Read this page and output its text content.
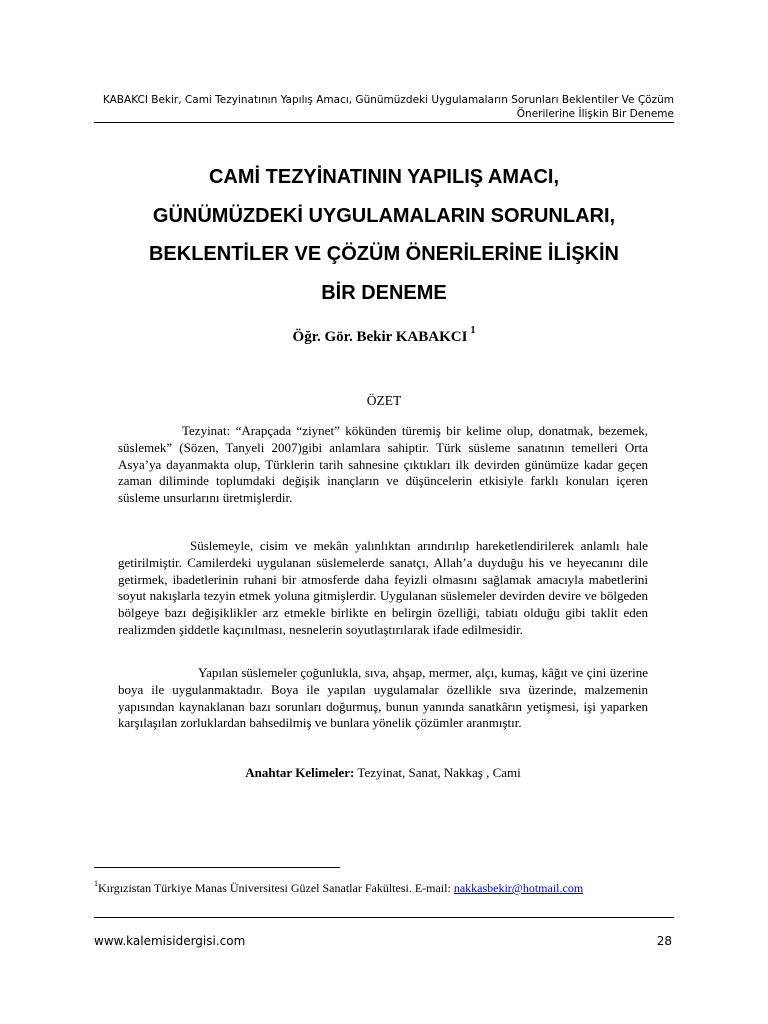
KABAKCI Bekir, Cami Tezyinatının Yapılış Amacı, Günümüzdeki Uygulamaların Sorunları Beklentiler Ve Çözüm
Önerilerine İlişkin Bir Deneme
CAMİ TEZYİNATININ YAPILIŞ AMACI,
GÜNÜMÜZDEKİ UYGULAMALARIN SORUNLARI,
BEKLENTİLER VE ÇÖZÜM ÖNERİLERİNE İLİŞKİN
BİR DENEME
Öğr. Gör. Bekir KABAKCI $^1$
ÖZET
Tezyinat: “Arapçada “ziynet” kökünden türemiş bir kelime olup, donatmak, bezemek, süslemek” (Sözen, Tanyeli 2007)gibi anlamlara sahiptir. Türk süsleme sanatının temelleri Orta Asya’ya dayanmakta olup, Türklerin tarih sahnesine çıktıkları ilk devirden günümüze kadar geçen zaman diliminde toplumdaki değişik inançların ve düşüncelerin etkisiyle farklı konuları içeren süsleme unsurlarını üretmişlerdir.
Süslemeyle, cisim ve mekân yalınlıktan arındırılıp hareketlendirilerek anlamlı hale getirilmiştir. Camilerdeki uygulanan süslemelerde sanatçı, Allah’a duyduğu his ve heyecanını dile getirmek, ibadetlerinin ruhani bir atmosferde daha feyizli olmasını sağlamak amacıyla mabetlerini soyut nakışlarla tezyin etmek yoluna gitmişlerdir. Uygulanan süslemeler devirden devire ve bölgeden bölgeye bazı değişiklikler arz etmekle birlikte en belirgin özelliği, tabiatı olduğu gibi taklit eden realizmden şiddetle kaçınılması, nesnelerin soyutlaştırılarak ifade edilmesidir.
Yapılan süslemeler çoğunlukla, sıva, ahşap, mermer, alçı, kumaş, kâğıt ve çini üzerine boya ile uygulanmaktadır. Boya ile yapılan uygulamalar özellikle sıva üzerinde, malzemenin yapısından kaynaklanan bazı sorunları doğurmuş, bunun yanında sanatkârın yetişmesi, işi yaparken karşılaşılan zorluklardan bahsedilmiş ve bunlara yönelik çözümler aranmıştır.
Anahtar Kelimeler: Tezyinat, Sanat, Nakkaş , Cami
$^1$Kırgızistan Türkiye Manas Üniversitesi Güzel Sanatlar Fakültesi. E-mail: nakkasbekir@hotmail.com
www.kalemisidergisi.com	28
